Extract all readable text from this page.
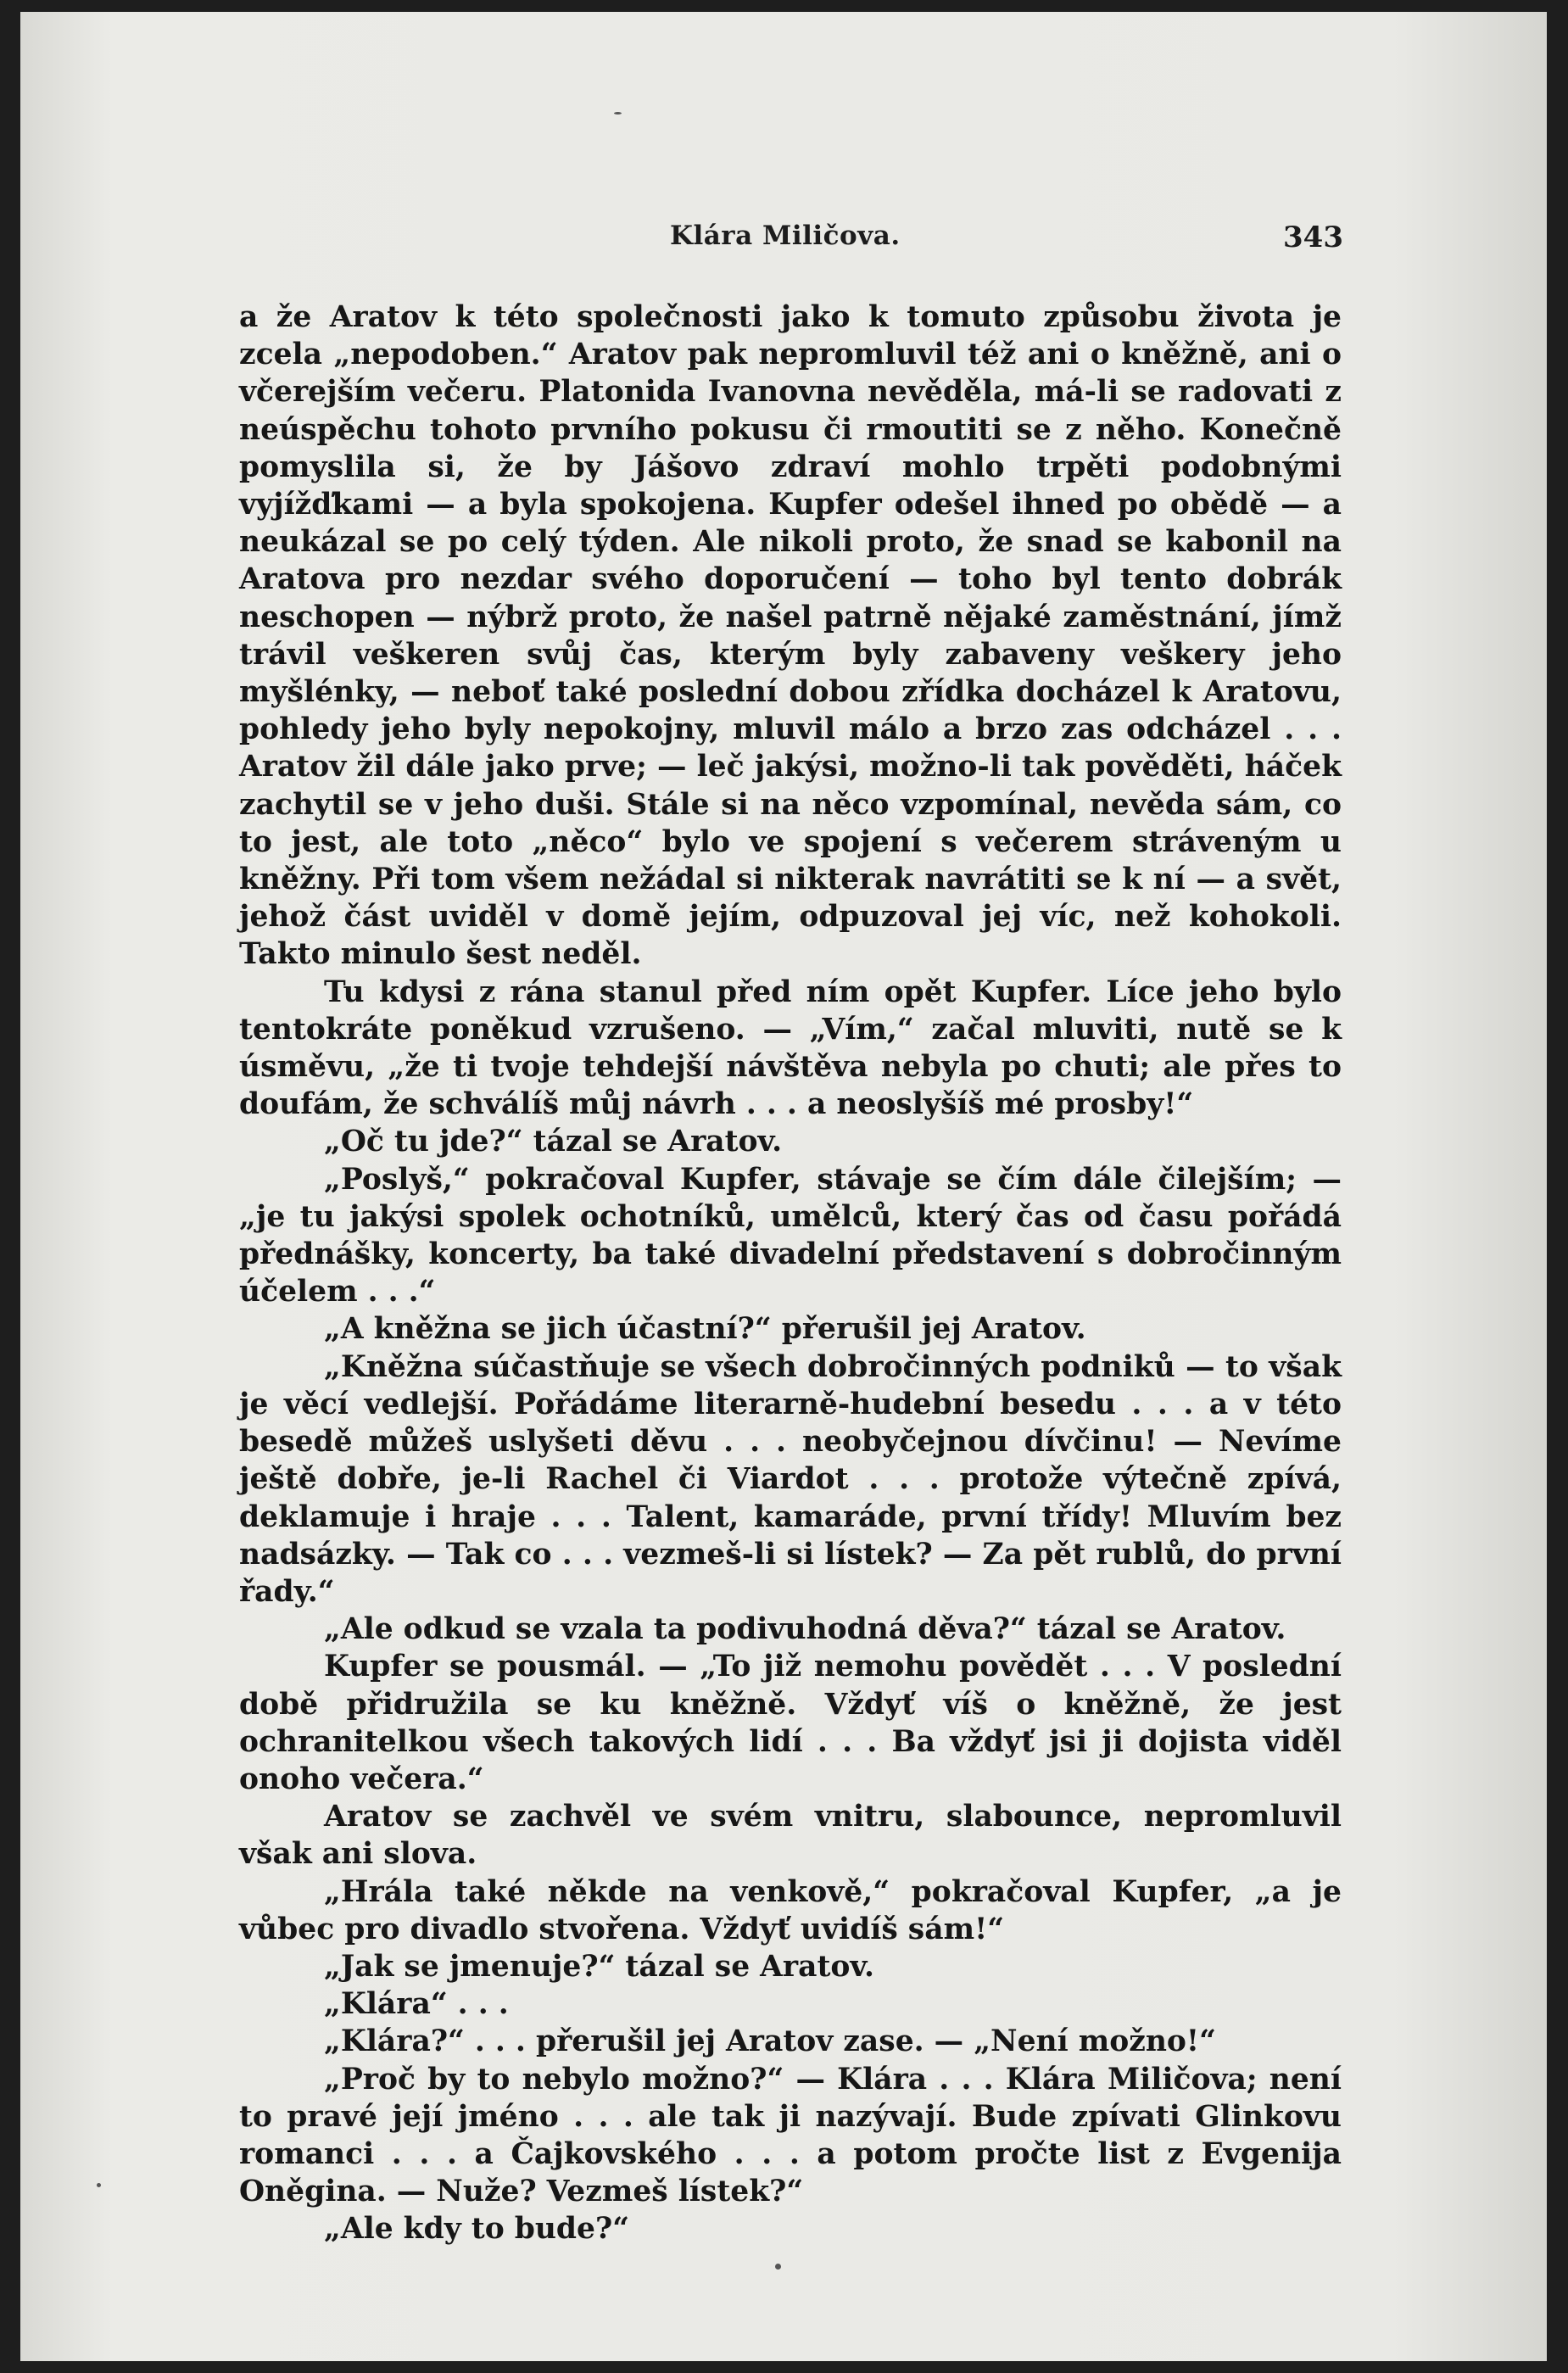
Klára Miličova.	343

a že Aratov k této společnosti jako k tomuto způsobu života je zcela „nepodoben.“ Aratov pak nepromluvil též ani o kněžně, ani o včerejším večeru. Platonida Ivanovna nevěděla, má-li se radovati z neúspěchu tohoto prvního pokusu či rmoutiti se z něho. Konečně pomyslila si, že by Jášovo zdraví mohlo trpěti podobnými vyjížďkami — a byla spokojena. Kupfer odešel ihned po obědě — a neukázal se po celý týden. Ale nikoli proto, že snad se kabonil na Aratova pro nezdar svého doporučení — toho byl tento dobrák neschopen — nýbrž proto, že našel patrně nějaké zaměstnání, jímž trávil veškeren svůj čas, kterým byly zabaveny veškery jeho myšlénky, — neboť také poslední dobou zřídka docházel k Aratovu, pohledy jeho byly nepokojny, mluvil málo a brzo zas odcházel . . . Aratov žil dále jako prve; — leč jakýsi, možno-li tak pověděti, háček zachytil se v jeho duši. Stále si na něco vzpomínal, nevěda sám, co to jest, ale toto „něco“ bylo ve spojení s večerem stráveným u kněžny. Při tom všem nežádal si nikterak navrátiti se k ní — a svět, jehož část uviděl v domě jejím, odpuzoval jej víc, než kohokoli. Takto minulo šest neděl.

Tu kdysi z rána stanul před ním opět Kupfer. Líce jeho bylo tentokráte poněkud vzrušeno. — „Vím,“ začal mluviti, nutě se k úsměvu, „že ti tvoje tehdejší návštěva nebyla po chuti; ale přes to doufám, že schválíš můj návrh . . . a neoslyšíš mé prosby!“

„Oč tu jde?“ tázal se Aratov.

„Poslyš,“ pokračoval Kupfer, stávaje se čím dále čilejším; — „je tu jakýsi spolek ochotníků, umělců, který čas od času pořádá přednášky, koncerty, ba také divadelní představení s dobročinným účelem . . .“

„A kněžna se jich účastní?“ přerušil jej Aratov.

„Kněžna súčastňuje se všech dobročinných podniků — to však je věcí vedlejší. Pořádáme literarně-hudební besedu . . . a v této besedě můžeš uslyšeti děvu . . . neobyčejnou dívčinu! — Nevíme ještě dobře, je-li Rachel či Viardot . . . protože výtečně zpívá, deklamuje i hraje . . . Talent, kamaráde, první třídy! Mluvím bez nadsázky. — Tak co . . . vezmeš-li si lístek? — Za pět rublů, do první řady.“

„Ale odkud se vzala ta podivuhodná děva?“ tázal se Aratov.

Kupfer se pousmál. — „To již nemohu povědět . . . V poslední době přidružila se ku kněžně. Vždyť víš o kněžně, že jest ochranitelkou všech takových lidí . . . Ba vždyť jsi ji dojista viděl onoho večera.“

Aratov se zachvěl ve svém vnitru, slabounce, nepromluvil však ani slova.

„Hrála také někde na venkově,“ pokračoval Kupfer, „a je vůbec pro divadlo stvořena. Vždyť uvidíš sám!“

„Jak se jmenuje?“ tázal se Aratov.

„Klára“ . . .

„Klára?“ . . . přerušil jej Aratov zase. — „Není možno!“

„Proč by to nebylo možno?“ — Klára . . . Klára Miličova; není to pravé její jméno . . . ale tak ji nazývají. Bude zpívati Glinkovu romanci . . . a Čajkovského . . . a potom pročte list z Evgenija Oněgina. — Nuže? Vezmeš lístek?“

„Ale kdy to bude?“
